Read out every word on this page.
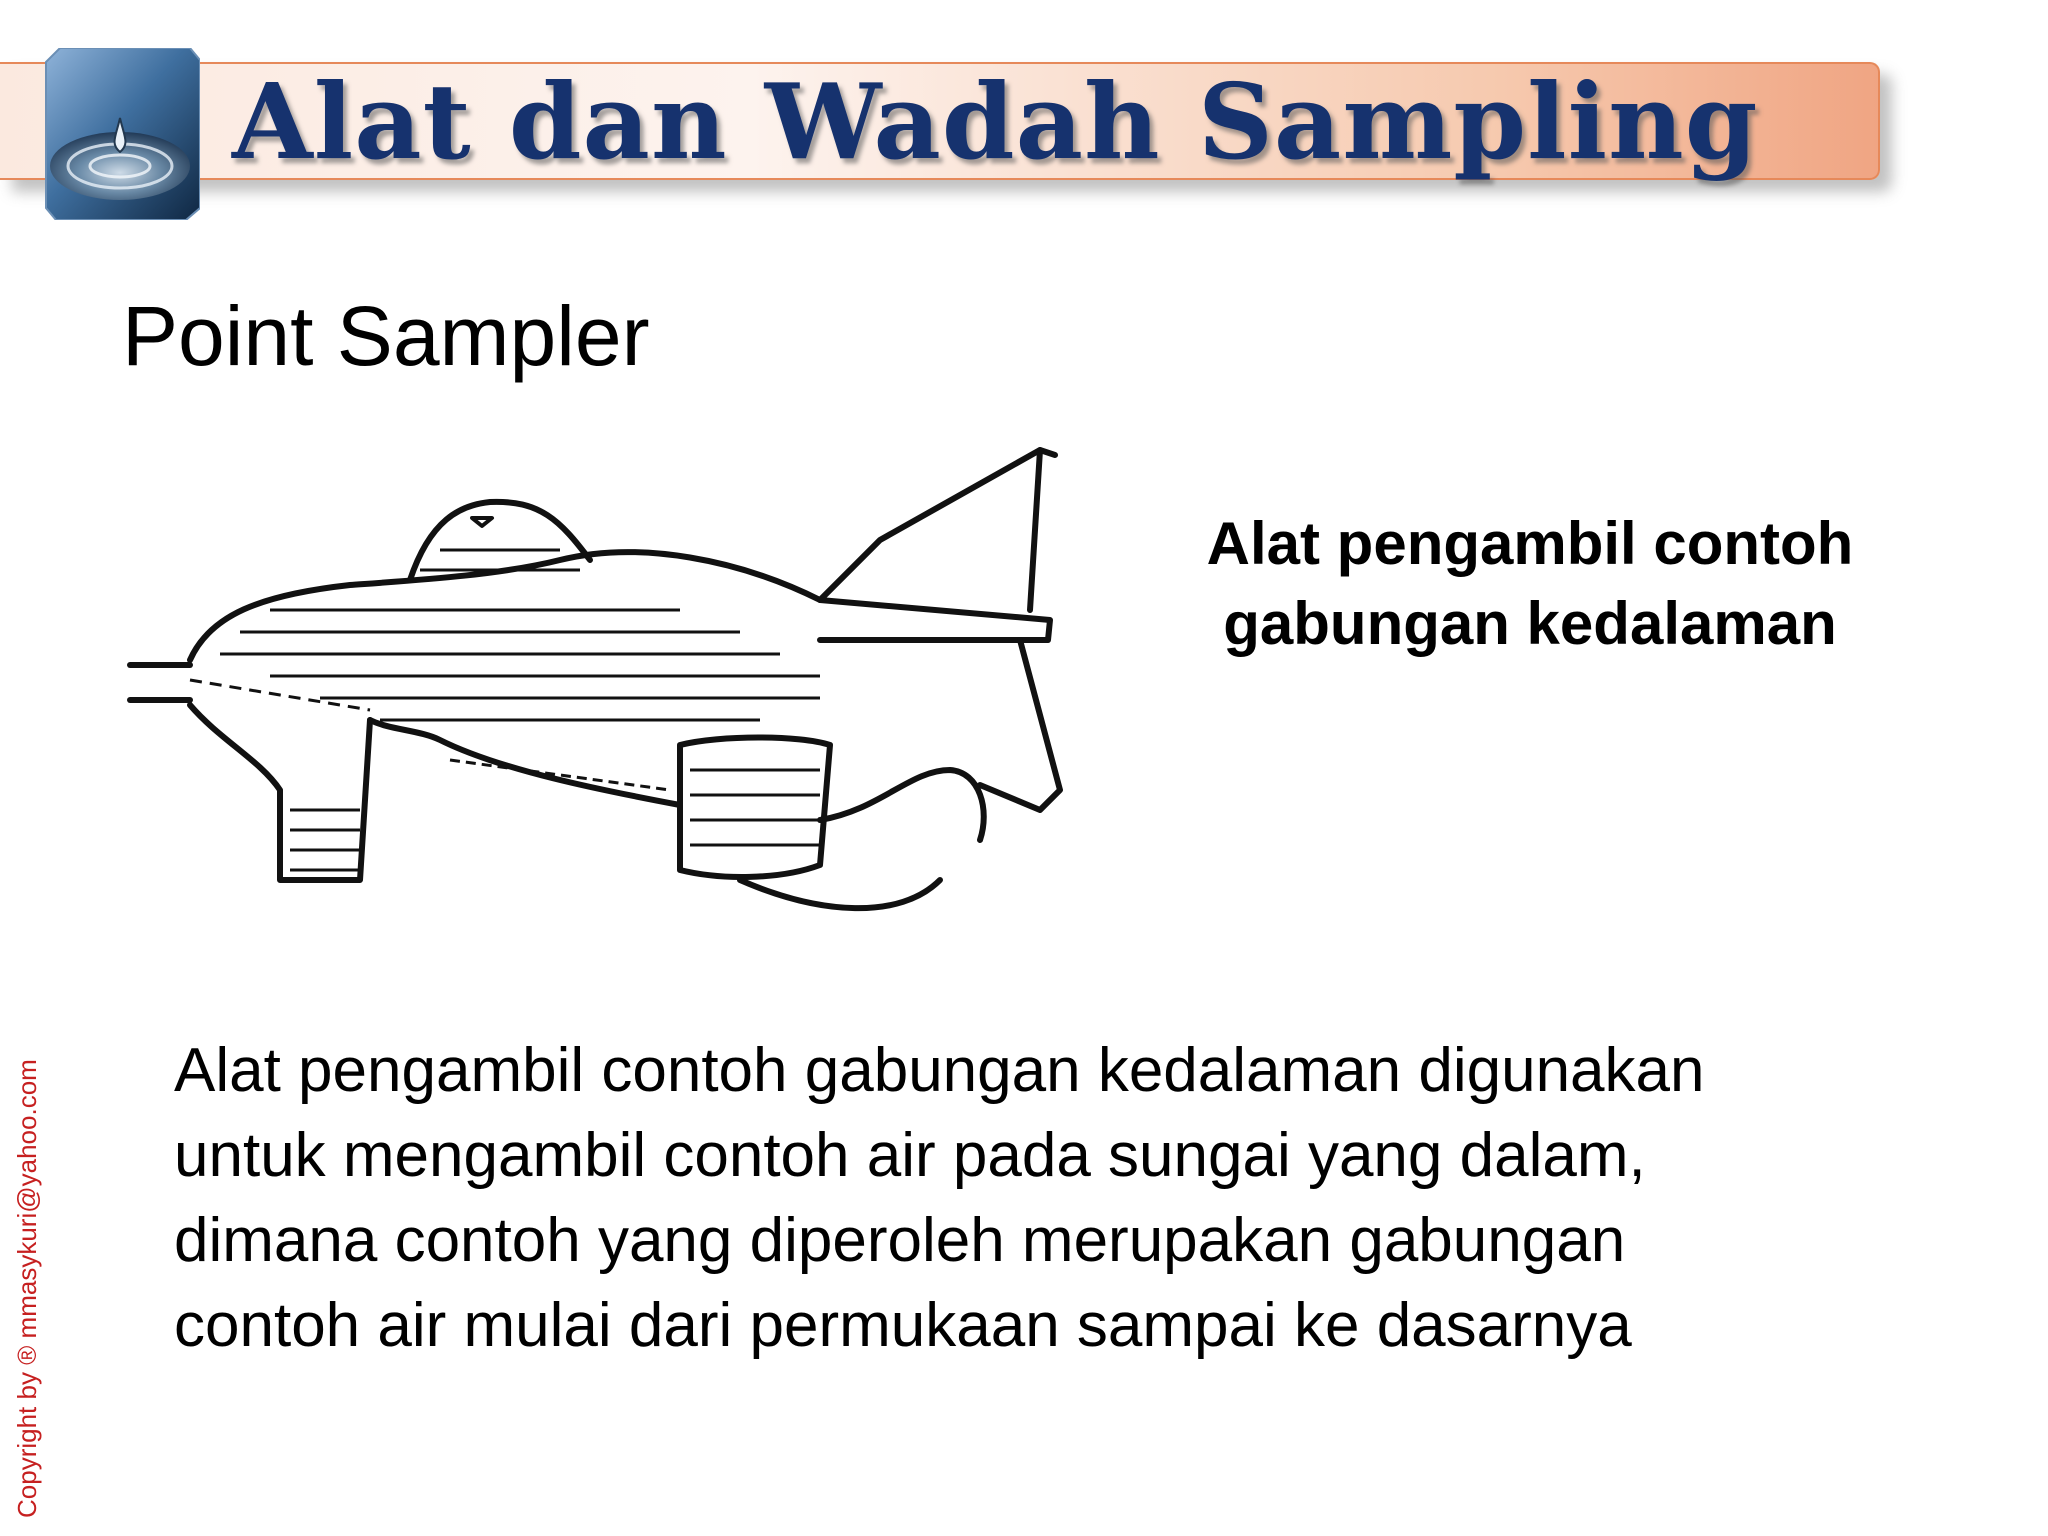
Alat dan Wadah Sampling
Point Sampler
Alat pengambil contoh
gabungan kedalaman
Alat pengambil contoh gabungan kedalaman digunakan
untuk mengambil contoh air pada sungai yang dalam,
dimana contoh yang diperoleh merupakan gabungan
contoh air mulai dari permukaan sampai ke dasarnya
Copyright by ® mmasykuri@yahoo.com
